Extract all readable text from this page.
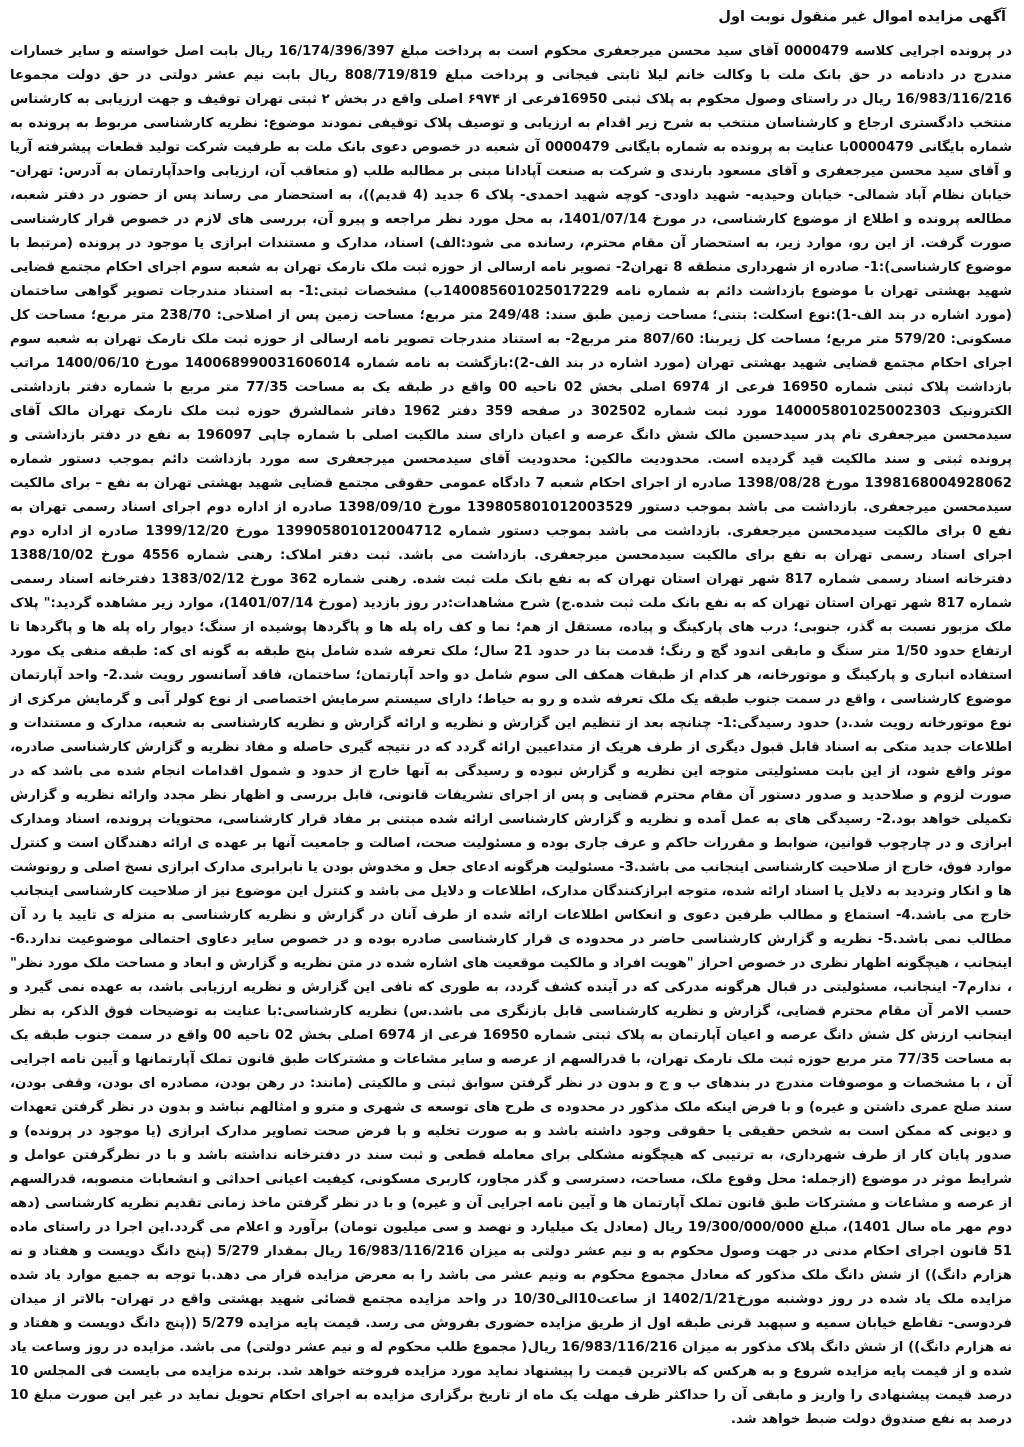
آگهی مزایده اموال غیر منقول نوبت اول

در پرونده اجرایی کلاسه 0000479 آقای سید محسن میرجعفری محکوم است به پرداخت مبلغ 16/174/396/397 ریال بابت اصل خواسته و سایر خسارات مندرج در دادنامه در حق بانک ملت با وکالت خانم لیلا ثابتی فیجانی و پرداخت مبلغ 808/719/819 ریال بابت نیم عشر دولتی در حق دولت مجموعا 16/983/116/216 ریال در راستای وصول محکوم به پلاک ثبتی 16950فرعی از ۶۹۷۴ اصلی واقع در بخش ۲ ثبتی تهران توقیف و جهت ارزیابی به کارشناس منتخب دادگستری ارجاع و کارشناسان منتخب به شرح زیر اقدام به ارزیابی و توصیف پلاک توقیفی نمودند موضوع: نظریه کارشناسی مربوط به پرونده به شماره بایگانی 0000479با عنایت به پرونده به شماره بایگانی 0000479 آن شعبه در خصوص دعوی بانک ملت به طرفیت شرکت تولید قطعات پیشرفته آریا و آقای سید محسن میرجعفری و آقای مسعود بارندی و شرکت به صنعت آپادانا مبنی بر مطالبه طلب (و متعاقب آن، ارزیابی واحدآپارتمان به آدرس: تهران- خیابان نظام آباد شمالی- خیابان وحیدیه- شهید داودی- کوچه شهید احمدی- پلاک 6 جدید (4 قدیم))، به استحضار می رساند پس از حضور در دفتر شعبه، مطالعه پرونده و اطلاع از موضوع کارشناسی، در مورخ 1401/07/14، به محل مورد نظر مراجعه و پیرو آن، بررسی های لازم در خصوص قرار کارشناسی صورت گرفت. از این رو، موارد زیر، به استحضار آن مقام محترم، رسانده می شود:الف) اسناد، مدارک و مستندات ابرازی یا موجود در پرونده (مرتبط با موضوع کارشناسی):1- صادره از شهرداری منطقه 8 تهران2- تصویر نامه ارسالی از حوزه ثبت ملک نارمک تهران به شعبه سوم اجرای احکام مجتمع قضایی شهید بهشتی تهران با موضوع بازداشت دائم به شماره نامه 14008560102501722‌9ب) مشخصات ثبتی:1- به استناد مندرجات تصویر گواهی ساختمان (مورد اشاره در بند الف-1):نوع اسکلت: بتنی؛ مساحت زمین طبق سند: 249/48 متر مربع؛ مساحت زمین پس از اصلاحی: 238/70 متر مربع؛ مساحت کل مسکونی: 579/20 متر مربع؛ مساحت کل زیربنا: 807/60 متر مربع2- به استناد مندرجات تصویر نامه ارسالی از حوزه ثبت ملک نارمک تهران به شعبه سوم اجرای احکام مجتمع قضایی شهید بهشتی تهران (مورد اشاره در بند الف-2):بازگشت به نامه شماره 14006899003160601‌4 مورخ 1400/06/10 مراتب بازداشت پلاک ثبتی شماره 16950 فرعی از 6974 اصلی بخش 02 ناحیه 00 واقع در طبقه یک به مساحت 77/35 متر مربع با شماره دفتر بازداشتی الکترونیک 14000580102500230‌3 مورد ثبت شماره 302502 در صفحه 359 دفتر 1962 دفاتر شمالشرق حوزه ثبت ملک نارمک تهران مالک آقای سیدمحسن میرجعفری نام پدر سیدحسین مالک شش دانگ عرصه و اعیان دارای سند مالکیت اصلی با شماره چاپی 196097 به نفع در دفتر بازداشتی و پرونده ثبتی و سند مالکیت قید گردیده است. محدودیت مالکین: محدودیت آقای سیدمحسن میرجعفری سه مورد بازداشت دائم بموجب دستور شماره 13981680049280‌62 مورخ 1398/08/28 صادره از اجرای احکام شعبه 7 دادگاه عمومی حقوقی مجتمع قضایی شهید بهشتی تهران به نفع – برای مالکیت سیدمحسن میرجعفری. بازداشت می باشد بموجب دستور 13980580101200352‌9 مورخ 1398/09/10 صادره از اداره دوم اجرای اسناد رسمی تهران به نفع 0 برای مالکیت سیدمحسن میرجعفری. بازداشت می باشد بموجب دستور شماره 13990580101200471‌2 مورخ 1399/12/20 صادره از اداره دوم اجرای اسناد رسمی تهران به نفع برای مالکیت سیدمحسن میرجعفری. بازداشت می باشد. ثبت دفتر املاک: رهنی شماره 4556 مورخ 1388/10/02 دفترخانه اسناد رسمی شماره 817 شهر تهران استان تهران که به نفع بانک ملت ثبت شده. رهنی شماره 362 مورخ 1383/02/12 دفترخانه اسناد رسمی شماره 817 شهر تهران استان تهران که به نفع بانک ملت ثبت شده.ج) شرح مشاهدات:در روز بازدید (مورخ 1401/07/14)، موارد زیر مشاهده گردید:" پلاک ملک مزبور نسبت به گذر، جنوبی؛ درب های پارکینگ و پیاده، مستقل از هم؛ نما و کف راه پله ها و پاگردها پوشیده از سنگ؛ دیوار راه پله ها و پاگردها تا ارتفاع حدود 1/50 متر سنگ و مابقی اندود گچ و رنگ؛ قدمت بنا در حدود 21 سال؛ ملک تعرفه شده شامل پنج طبقه به گونه ای که: طبقه منفی یک مورد استفاده انباری و پارکینگ و موتورخانه، هر کدام از طبقات همکف الی سوم شامل دو واحد آپارتمان؛ ساختمان، فاقد آسانسور رویت شد.2- واحد آپارتمان موضوع کارشناسی ، واقع در سمت جنوب طبقه یک ملک تعرفه شده و رو به حیاط؛ دارای سیستم سرمایش اختصاصی از نوع کولر آبی و گرمایش مرکزی از نوع موتورخانه رویت شد.د) حدود رسیدگی:1- چنانچه بعد از تنظیم این گزارش و نظریه و ارائه گزارش و نظریه کارشناسی به شعبه، مدارک و مستندات و اطلاعات جدید متکی به اسناد قابل قبول دیگری از طرف هریک از متداعیین ارائه گردد که در نتیجه گیری حاصله و مفاد نظریه و گزارش کارشناسی صادره، موثر واقع شود، از این بابت مسئولیتی متوجه این نظریه و گزارش نبوده و رسیدگی به آنها خارج از حدود و شمول اقدامات انجام شده می باشد که در صورت لزوم و صلاحدید و صدور دستور آن مقام محترم قضایی و پس از اجرای تشریفات قانونی، قابل بررسی و اظهار نظر مجدد وارائه نظریه و گزارش تکمیلی خواهد بود.2- رسیدگی های به عمل آمده و نظریه و گزارش کارشناسی ارائه شده مبتنی بر مفاد قرار کارشناسی، محتویات پرونده، اسناد ومدارک ابرازی و در چارچوب قوانین، ضوابط و مقررات حاکم و عرف جاری بوده و مسئولیت صحت، اصالت و جامعیت آنها بر عهده ی ارائه دهندگان است و کنترل موارد فوق، خارج از صلاحیت کارشناسی اینجانب می باشد.3- مسئولیت هرگونه ادعای جعل و مخدوش بودن یا نابرابری مدارک ابرازی نسخ اصلی و رونوشت ها و انکار وتردید به دلایل یا اسناد ارائه شده، متوجه ابرازکنندگان مدارک، اطلاعات و دلایل می باشد و کنترل این موضوع نیز از صلاحیت کارشناسی اینجانب خارج می باشد.4- استماع و مطالب طرفین دعوی و انعکاس اطلاعات ارائه شده از طرف آنان در گزارش و نظریه کارشناسی به منزله ی تایید یا رد آن مطالب نمی باشد.5- نظریه و گزارش کارشناسی حاضر در محدوده ی قرار کارشناسی صادره بوده و در خصوص سایر دعاوی احتمالی موضوعیت ندارد.6- اینجانب ، هیچگونه اظهار نظری در خصوص احراز "هویت افراد و مالکیت موقعیت های اشاره شده در متن نظریه و گزارش و ابعاد و مساحت ملک مورد نظر" ، ندارم7- اینجانب، مسئولیتی در قبال هرگونه مدرکی که در آینده کشف گردد، به طوری که نافی این گزارش و نظریه ارزیابی باشد، به عهده نمی گیرد و حسب الامر آن مقام محترم قضایی، گزارش و نظریه کارشناسی قابل بازنگری می باشد.س) نظریه کارشناسی:با عنایت به توضیحات فوق الذکر، به نظر اینجانب ارزش کل شش دانگ عرصه و اعیان آپارتمان به پلاک ثبتی شماره 16950 فرعی از 6974 اصلی بخش 02 ناحیه 00 واقع در سمت جنوب طبقه یک به مساحت 77/35 متر مربع حوزه ثبت ملک نارمک تهران، با قدرالسهم از عرصه و سایر مشاعات و مشترکات طبق قانون تملک آپارتمانها و آیین نامه اجرایی آن ، با مشخصات و موصوفات مندرج در بندهای ب و ج و بدون در نظر گرفتن سوابق ثبتی و مالکیتی (مانند: در رهن بودن، مصادره ای بودن، وقفی بودن، سند صلح عمری داشتن و غیره) و با فرض اینکه ملک مذکور در محدوده ی طرح های توسعه ی شهری و مترو و امثالهم نباشد و بدون در نظر گرفتن تعهدات و دیونی که ممکن است به شخص حقیقی یا حقوقی وجود داشته باشد و به صورت تخلیه و با فرض صحت تصاویر مدارک ابرازی (یا موجود در پرونده) و صدور پایان کار از طرف شهرداری، به ترتیبی که هیچگونه مشکلی برای معامله قطعی و ثبت سند در دفترخانه نداشته باشد و با در نظرگرفتن عوامل و شرایط موثر در موضوع (ازجمله: محل وقوع ملک، مساحت، دسترسی و گذر مجاور، کاربری مسکونی، کیفیت اعیانی احداثی و انشعابات منصوبه، قدرالسهم از عرصه و مشاعات و مشترکات طبق قانون تملک آپارتمان ها و آیین نامه اجرایی آن و غیره) و با در نظر گرفتن ماخذ زمانی تقدیم نظریه کارشناسی (دهه دوم مهر ماه سال 1401)، مبلغ 19/300/000/000 ریال (معادل یک میلیارد و نهصد و سی میلیون تومان) برآورد و اعلام می گردد.این اجرا در راستای ماده 51 قانون اجرای احکام مدنی در جهت وصول محکوم به و نیم عشر دولتی به میزان 16/983/116/216 ریال بمقدار 5/279 (پنج دانگ دویست و هفتاد و نه هزارم دانگ)) از شش دانگ ملک مذکور که معادل مجموع محکوم به ونیم عشر می باشد را به معرض مزایده قرار می دهد.با توجه به جمیع موارد یاد شده مزایده ملک یاد شده در روز دوشنبه مورخ1402/1/21 از ساعت10الی10/30 در واحد مزایده مجتمع قضائی شهید بهشتی واقع در تهران- بالاتر از میدان فردوسی- تقاطع خیابان سمیه و سپهبد قرنی طبقه اول از طریق مزایده حضوری بفروش می رسد. قیمت پایه مزایده 5/279 ((پنج دانگ دویست و هفتاد و نه هزارم دانگ)) از شش دانگ پلاک مذکور به میزان 16/983/116/216 ریال( مجموع طلب محکوم له و نیم عشر دولتی) می باشد. مزایده در روز وساعت یاد شده و از قیمت پایه مزایده شروع و به هرکس که بالاترین قیمت را پیشنهاد نماید مورد مزایده فروخته خواهد شد. برنده مزایده می بایست فی المجلس 10 درصد قیمت پیشنهادی را واریز و مابقی آن را حداکثر ظرف مهلت یک ماه از تاریخ برگزاری مزایده به اجرای احکام تحویل نماید در غیر این صورت مبلغ 10 درصد به نفع صندوق دولت ضبط خواهد شد.
